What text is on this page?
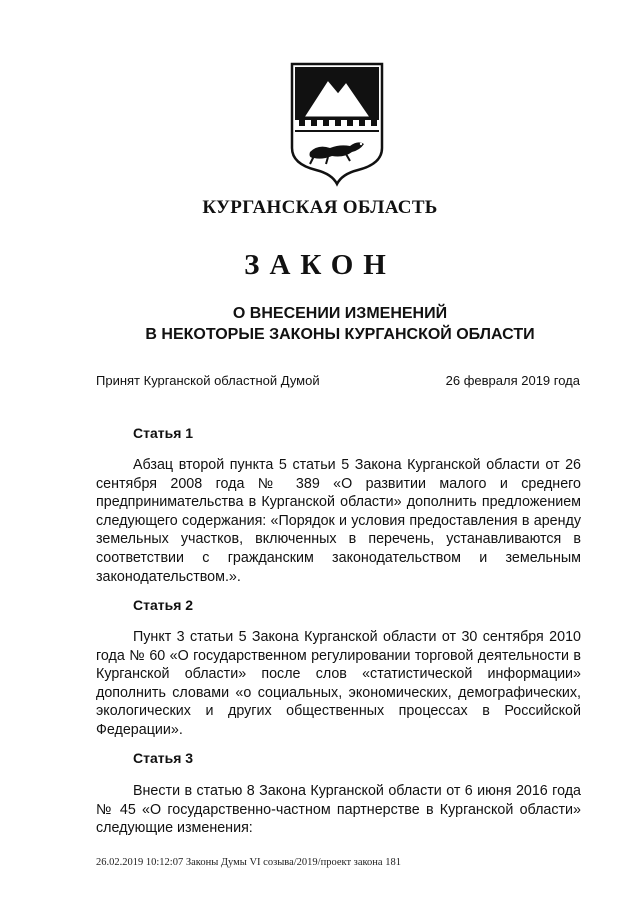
КУРГАНСКАЯ ОБЛАСТЬ
ЗАКОН
О ВНЕСЕНИИ ИЗМЕНЕНИЙ
В НЕКОТОРЫЕ ЗАКОНЫ КУРГАНСКОЙ ОБЛАСТИ
Принят Курганской областной Думой	26 февраля 2019 года
Статья 1

Абзац второй пункта 5 статьи 5 Закона Курганской области от 26 сентября 2008 года № 389 «О развитии малого и среднего предпринимательства в Курганской области» дополнить предложением следующего содержания: «Порядок и условия предоставления в аренду земельных участков, включенных в перечень, устанавливаются в соответствии с гражданским законодательством и земельным законодательством.».

Статья 2

Пункт 3 статьи 5 Закона Курганской области от 30 сентября 2010 года № 60 «О государственном регулировании торговой деятельности в Курганской области» после слов «статистической информации» дополнить словами «о социальных, экономических, демографических, экологических и других общественных процессах в Российской Федерации».

Статья 3

Внести в статью 8 Закона Курганской области от 6 июня 2016 года № 45 «О государственно-частном партнерстве в Курганской области» следующие изменения:

26.02.2019 10:12:07 Законы Думы VI созыва/2019/проект закона 181
